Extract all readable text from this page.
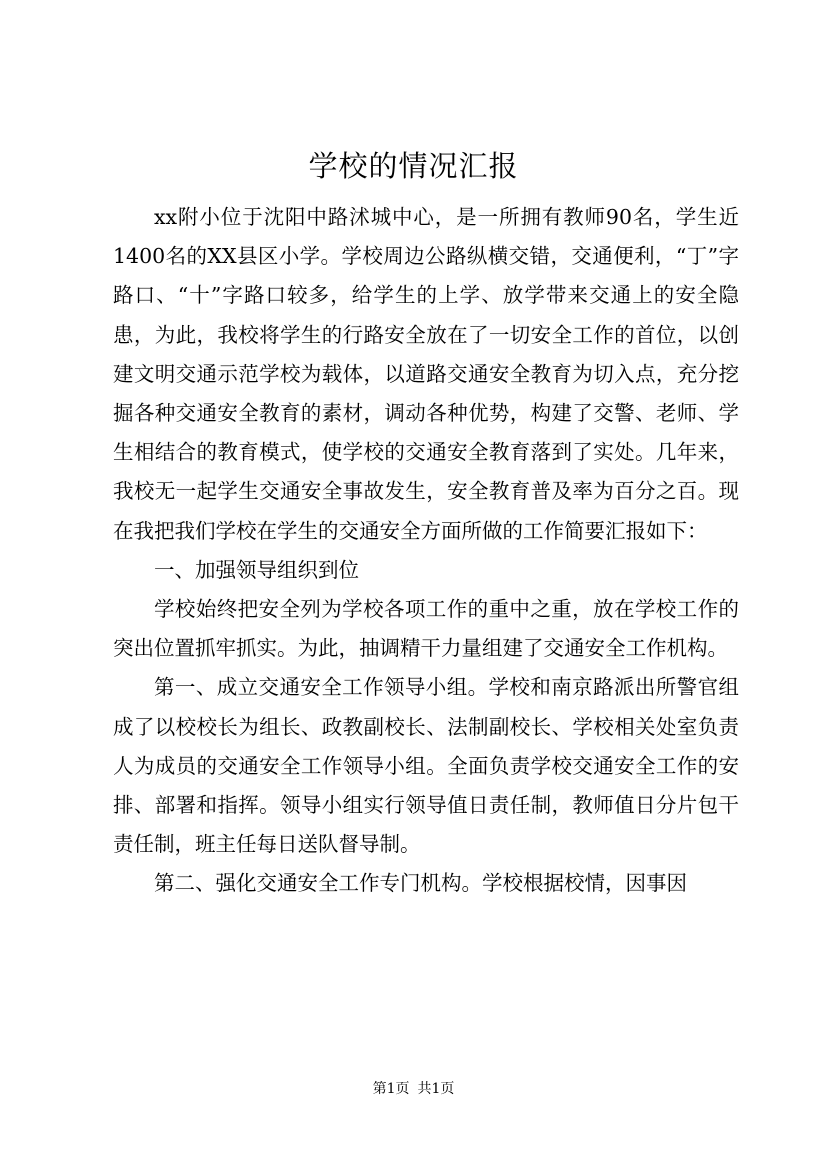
学校的情况汇报

xx附小位于沈阳中路沭城中心，是一所拥有教师90名，学生近1400名的XX县区小学。学校周边公路纵横交错，交通便利，“丁”字路口、“十”字路口较多，给学生的上学、放学带来交通上的安全隐患，为此，我校将学生的行路安全放在了一切安全工作的首位，以创建文明交通示范学校为载体，以道路交通安全教育为切入点，充分挖掘各种交通安全教育的素材，调动各种优势，构建了交警、老师、学生相结合的教育模式，使学校的交通安全教育落到了实处。几年来，我校无一起学生交通安全事故发生，安全教育普及率为百分之百。现在我把我们学校在学生的交通安全方面所做的工作简要汇报如下：

一、加强领导组织到位

学校始终把安全列为学校各项工作的重中之重，放在学校工作的突出位置抓牢抓实。为此，抽调精干力量组建了交通安全工作机构。

第一、成立交通安全工作领导小组。学校和南京路派出所警官组成了以校校长为组长、政教副校长、法制副校长、学校相关处室负责人为成员的交通安全工作领导小组。全面负责学校交通安全工作的安排、部署和指挥。领导小组实行领导值日责任制，教师值日分片包干责任制，班主任每日送队督导制。

第二、强化交通安全工作专门机构。学校根据校情，因事因

第1页 共1页
